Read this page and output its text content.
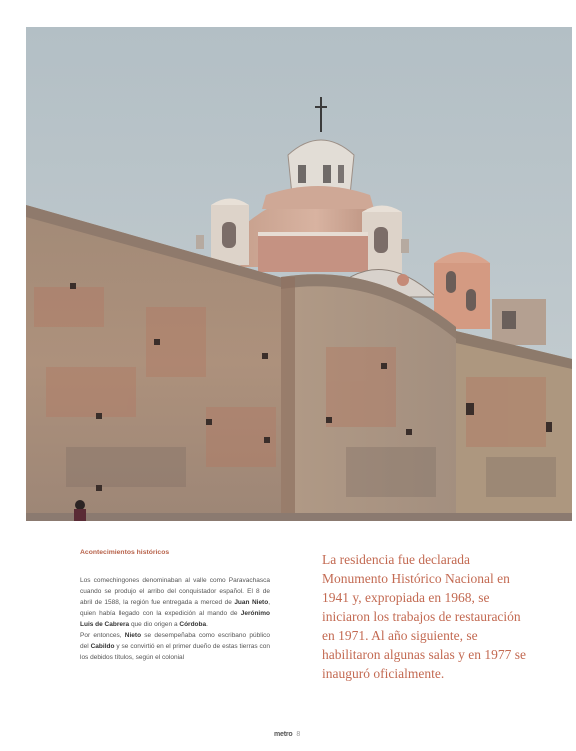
Acontecimientos históricos

Los comechingones denominaban al valle como Paravachasca cuando se produjo el arribo del conquistador español. El 8 de abril de 1588, la región fue entregada a merced de Juan Nieto, quien había llegado con la expedición al mando de Jerónimo Luis de Cabrera que dio origen a Córdoba.

Por entonces, Nieto se desempeñaba como escribano público del Cabildo y se convirtió en el primer dueño de estas tierras con los debidos títulos, según el colonial

La residencia fue declarada Monumento Histórico Nacional en 1941 y, expropiada en 1968, se iniciaron los trabajos de restauración en 1971. Al año siguiente, se habilitaron algunas salas y en 1977 se inauguró oficialmente.

metro 8
